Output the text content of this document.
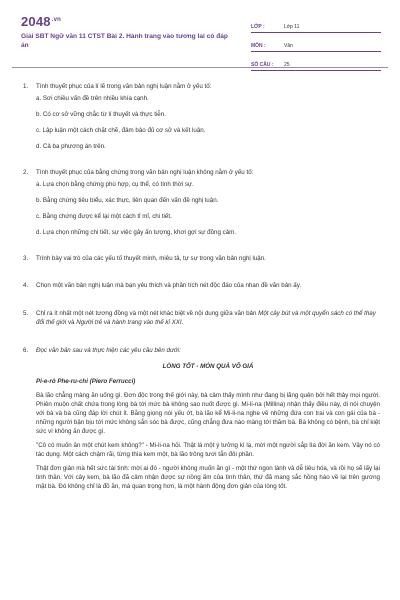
$2048^{.vn}$
Giải SBT Ngữ văn 11 CTST Bài 2. Hành trang vào tương lai có đáp án
LỚP :	Lớp 11
MÔN :	Văn
SỐ CÂU :	25
1.	Tính thuyết phục của lí lẽ trong văn bản nghị luận nằm ở yếu tố:
a. Sơi chiều vấn đề trên nhiều khía cạnh.
b. Có cơ sở vững chắc từ lí thuyết và thực tiễn.
c. Lập luận một cách chặt chẽ, đảm bảo đủ cơ sở và kết luận.
d. Cả ba phương án trên.
2.	Tính thuyết phục của bằng chứng trong văn bản nghị luận không nằm ở yếu tố:
a. Lựa chọn bằng chứng phù hợp, cụ thể, có tính thời sự.
b. Bằng chứng tiêu biểu, xác thực, liên quan đến vấn đề nghị luận.
c. Bằng chứng được kể lại một cách tỉ mỉ, chi tiết.
d. Lựa chọn những chi tiết, sự việc gây ấn tượng, khơi gợi sự đồng cảm.
3.	Trình bày vai trò của các yếu tố thuyết minh, miêu tả, tự sự trong văn bản nghị luận.
4.	Chọn một văn bản nghị luận mà bạn yêu thích và phân tích nét độc đáo của nhan đề văn bản ấy.
5.	Chỉ ra ít nhất một nét tương đồng và một nét khác biệt về nội dung giữa văn bản Một cây bút và một quyển sách có thể thay đổi thế giới và Người trẻ và hành trang vào thế kỉ XXI.
6.	Đọc văn bản sau và thực hiện các yêu cầu bên dưới:
LÒNG TỐT - MÓN QUÀ VÔ GIÁ
Pi-e-rô Phe-ru-chi (Piero Ferrucci)
Bà lão chẳng màng ăn uống gì. Đơn độc trong thế giới này, bà cảm thấy mình như đang bị lãng quên bởi hết thảy mọi người. Phiên muộn chất chứa trong lòng bà tới mức bà không sao nuốt được gì. Mi-li-na (Millina) nhận thấy điều này, di nói chuyện với bà và bà cũng đáp lời chút ít. Bằng giọng nói yếu ớt, bà lão kể Mi-li-na nghe về những đứa con trai và con gái của bà - những người bận bịu tới mức không sắn sóc bà được, cũng chẳng đưa nào màng tới thăm bà. Bà không có bệnh, bà chỉ kiệt sức vì không ăn được gì.
"Cô có muốn ăn một chút kem không?" - Mi-li-na hỏi. Thật là một ý tưởng kì lạ, mời một người sắp lìa đời ăn kem. Vậy nó có tác dụng. Một cách chậm rãi, từng thìa kem một, bà lão trông tươi tắn đôi phần.
Thật đơn giản mà hết sức tài tình: mời ai đó - người không muốn ăn gì - một thứ ngon lành và dễ tiêu hóa, và rồi họ sẽ lấy lại tinh thần. Với cây kem, bà lão đã cảm nhận được sự nồng ấm của tình thân, thứ đã mang sắc hồng hào về lại trên gương mặt bà. Đó không chỉ là đồ ăn, mà quan trọng hơn, là một hành động đơn giản của lòng tốt.
